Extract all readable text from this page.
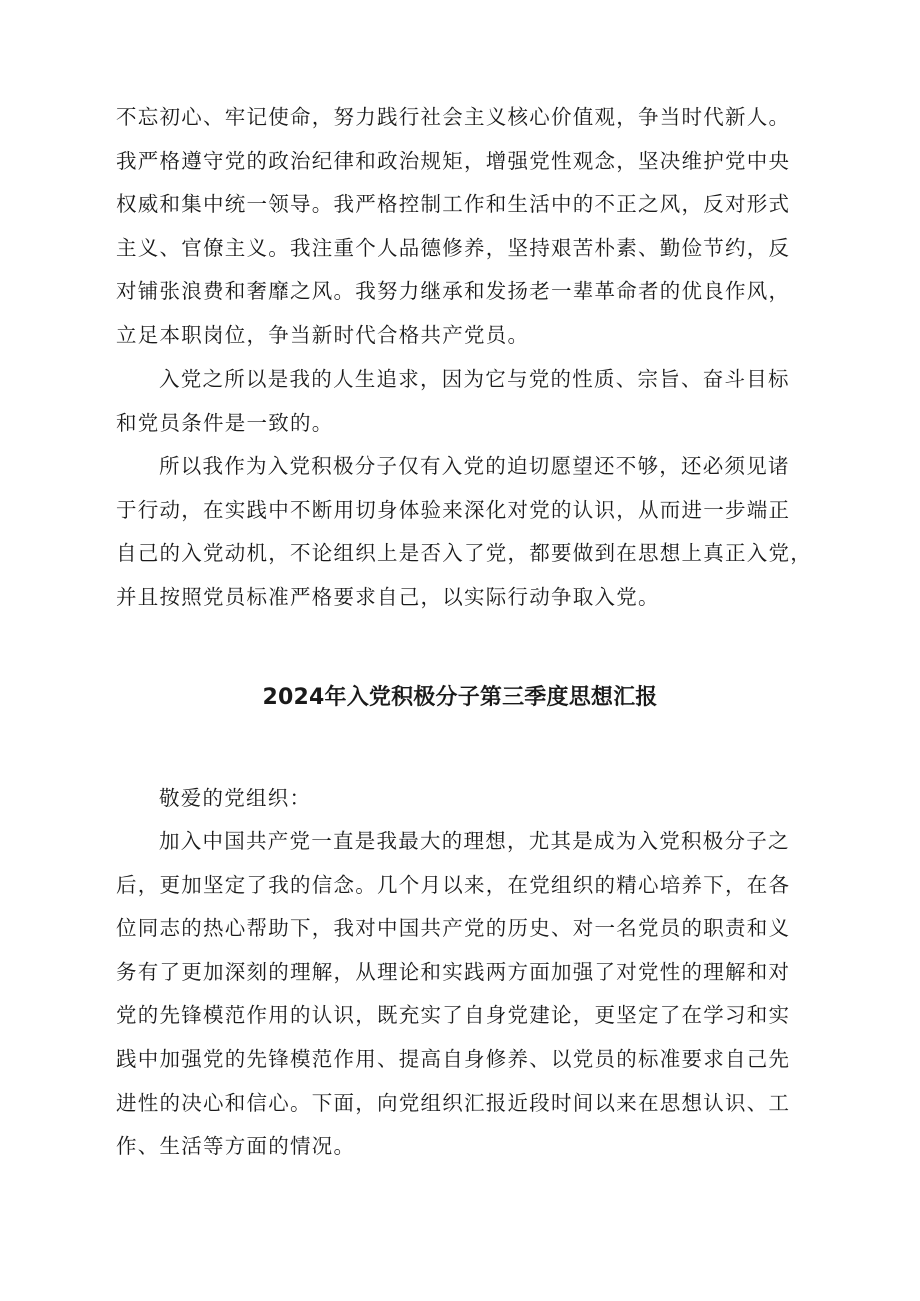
不忘初心、牢记使命，努力践行社会主义核心价值观，争当时代新人。
我严格遵守党的政治纪律和政治规矩，增强党性观念，坚决维护党中央
权威和集中统一领导。我严格控制工作和生活中的不正之风，反对形式
主义、官僚主义。我注重个人品德修养，坚持艰苦朴素、勤俭节约，反
对铺张浪费和奢靡之风。我努力继承和发扬老一辈革命者的优良作风，
立足本职岗位，争当新时代合格共产党员。
入党之所以是我的人生追求，因为它与党的性质、宗旨、奋斗目标
和党员条件是一致的。
所以我作为入党积极分子仅有入党的迫切愿望还不够，还必须见诸
于行动，在实践中不断用切身体验来深化对党的认识，从而进一步端正
自己的入党动机，不论组织上是否入了党，都要做到在思想上真正入党，
并且按照党员标准严格要求自己，以实际行动争取入党。
2024年入党积极分子第三季度思想汇报
敬爱的党组织：
加入中国共产党一直是我最大的理想，尤其是成为入党积极分子之
后，更加坚定了我的信念。几个月以来，在党组织的精心培养下，在各
位同志的热心帮助下，我对中国共产党的历史、对一名党员的职责和义
务有了更加深刻的理解，从理论和实践两方面加强了对党性的理解和对
党的先锋模范作用的认识，既充实了自身党建论，更坚定了在学习和实
践中加强党的先锋模范作用、提高自身修养、以党员的标准要求自己先
进性的决心和信心。下面，向党组织汇报近段时间以来在思想认识、工
作、生活等方面的情况。
